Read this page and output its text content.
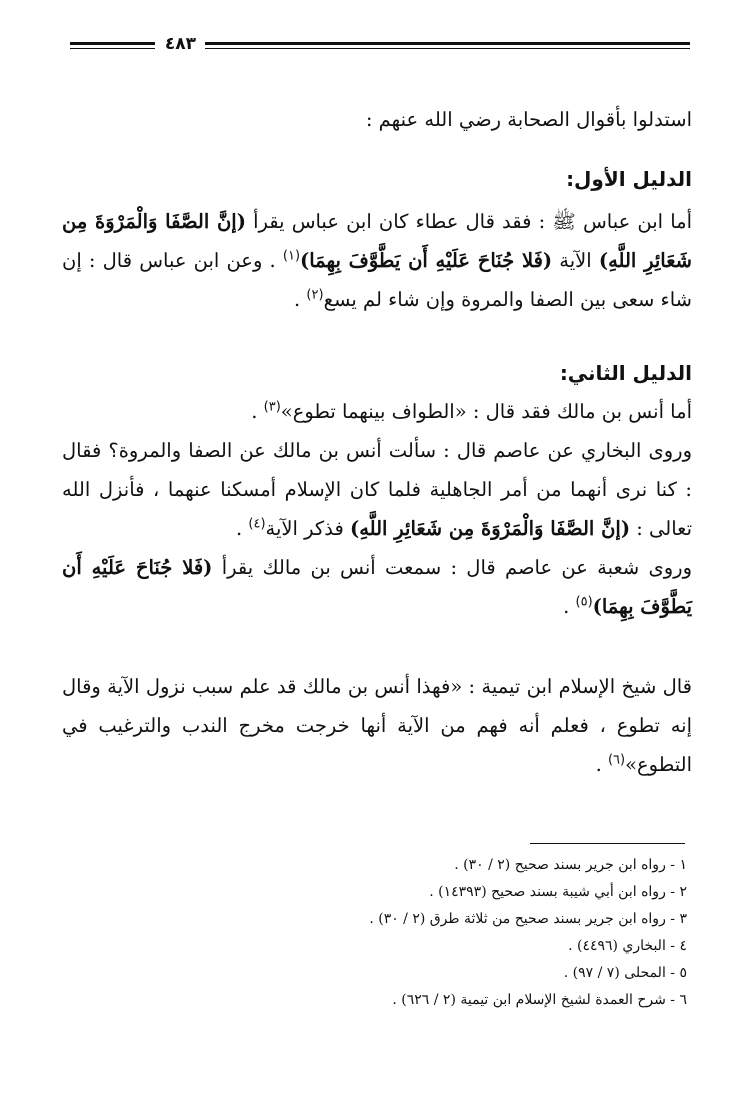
٤٨٣

استدلوا بأقوال الصحابة رضي الله عنهم :

الدليل الأول:

أما ابن عباس ﷺ : فقد قال عطاء كان ابن عباس يقرأ (إنَّ الصَّفَا وَالْمَرْوَةَ مِن شَعَائِرِ اللَّهِ) الآية (فَلا جُنَاحَ عَلَيْهِ أَن يَطَّوَّفَ بِهِمَا)$^{(١)}$ . وعن ابن عباس قال : إن شاء سعى بين الصفا والمروة وإن شاء لم يسع$^{(٢)}$ .

الدليل الثاني:

أما أنس بن مالك فقد قال : «الطواف بينهما تطوع»$^{(٣)}$ .

وروى البخاري عن عاصم قال : سألت أنس بن مالك عن الصفا والمروة؟ فقال : كنا نرى أنهما من أمر الجاهلية فلما كان الإسلام أمسكنا عنهما ، فأنزل الله تعالى : (إنَّ الصَّفَا وَالْمَرْوَةَ مِن شَعَائِرِ اللَّهِ) فذكر الآية$^{(٤)}$ .

وروى شعبة عن عاصم قال : سمعت أنس بن مالك يقرأ (فَلا جُنَاحَ عَلَيْهِ أَن يَطَّوَّفَ بِهِمَا)$^{(٥)}$ .

قال شيخ الإسلام ابن تيمية : «فهذا أنس بن مالك قد علم سبب نزول الآية وقال إنه تطوع ، فعلم أنه فهم من الآية أنها خرجت مخرج الندب والترغيب في التطوع»$^{(٦)}$ .

١ - رواه ابن جرير بسند صحيح (٢ / ٣٠) .
٢ - رواه ابن أبي شيبة بسند صحيح (١٤٣٩٣) .
٣ - رواه ابن جرير بسند صحيح من ثلاثة طرق (٢ / ٣٠) .
٤ - البخاري (٤٤٩٦) .
٥ - المحلى (٧ / ٩٧) .
٦ - شرح العمدة لشيخ الإسلام ابن تيمية (٢ / ٦٢٦) .
